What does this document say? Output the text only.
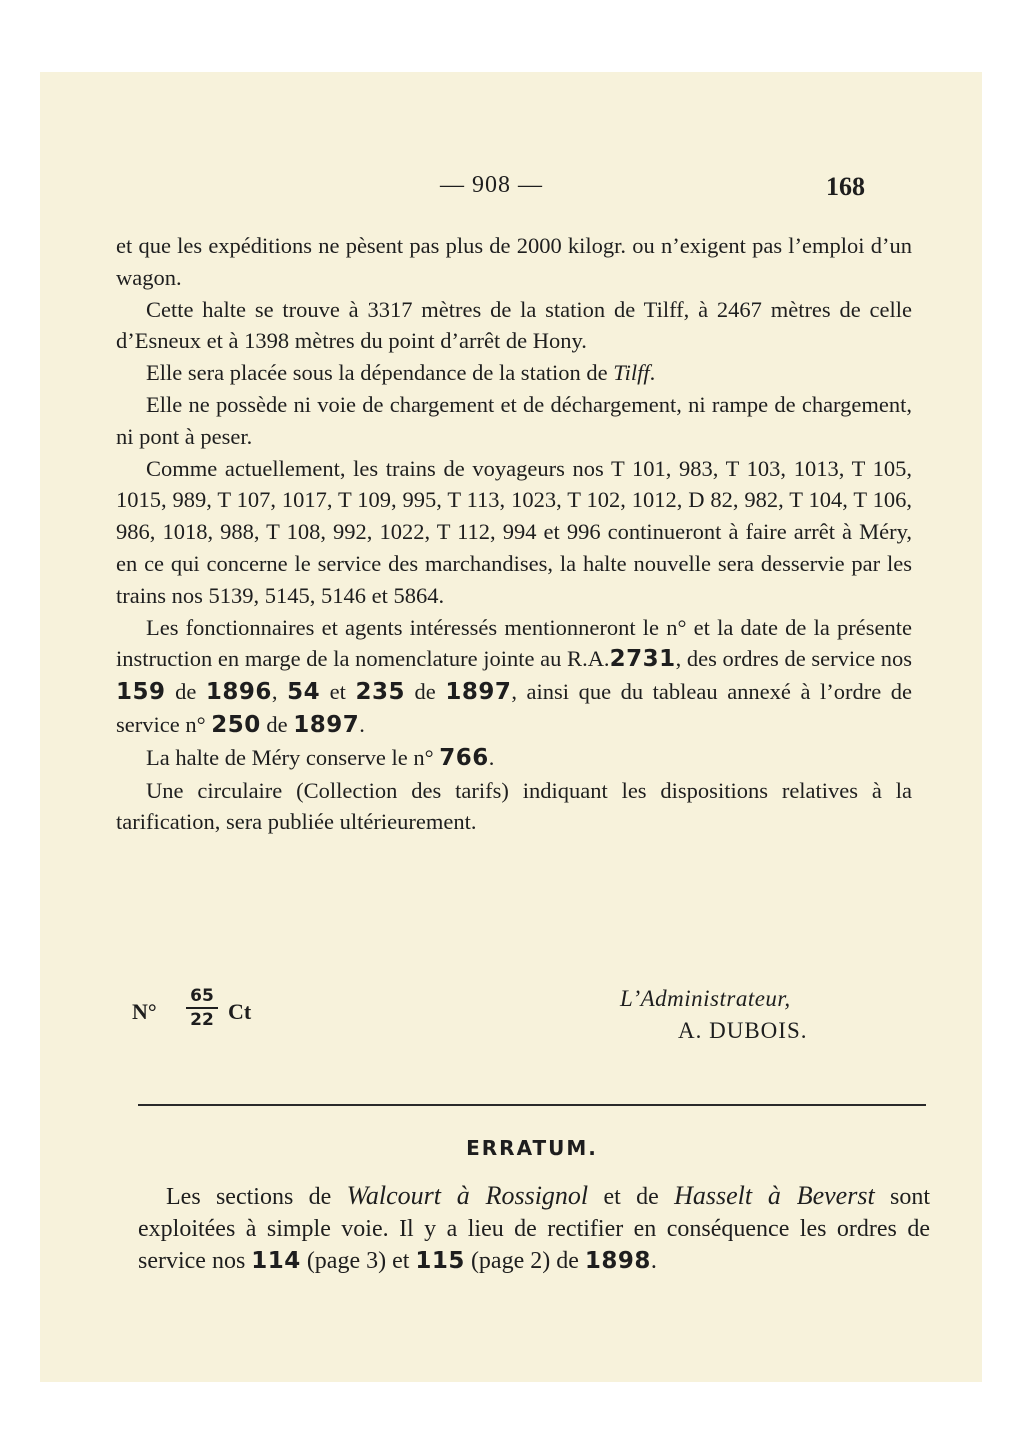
— 908 —	168

et que les expéditions ne pèsent pas plus de 2000 kilogr. ou n’exigent pas l’emploi d’un wagon.

Cette halte se trouve à 3317 mètres de la station de Tilff, à 2467 mètres de celle d’Esneux et à 1398 mètres du point d’arrêt de Hony.

Elle sera placée sous la dépendance de la station de Tilff.

Elle ne possède ni voie de chargement et de déchargement, ni rampe de chargement, ni pont à peser.

Comme actuellement, les trains de voyageurs nos T 101, 983, T 103, 1013, T 105, 1015, 989, T 107, 1017, T 109, 995, T 113, 1023, T 102, 1012, D 82, 982, T 104, T 106, 986, 1018, 988, T 108, 992, 1022, T 112, 994 et 996 continueront à faire arrêt à Méry, en ce qui concerne le service des marchandises, la halte nouvelle sera desservie par les trains nos 5139, 5145, 5146 et 5864.

Les fonctionnaires et agents intéressés mentionneront le n° et la date de la présente instruction en marge de la nomenclature jointe au R.A.2731, des ordres de service nos 159 de 1896, 54 et 235 de 1897, ainsi que du tableau annexé à l’ordre de service n° 250 de 1897.

La halte de Méry conserve le n° 766.

Une circulaire (Collection des tarifs) indiquant les dispositions relatives à la tarification, sera publiée ultérieurement.

N°
65
22 Ct
L’Administrateur,
A. DUBOIS.
ERRATUM.

Les sections de Walcourt à Rossignol et de Hasselt à Beverst sont exploitées à simple voie. Il y a lieu de rectifier en conséquence les ordres de service nos 114 (page 3) et 115 (page 2) de 1898.
